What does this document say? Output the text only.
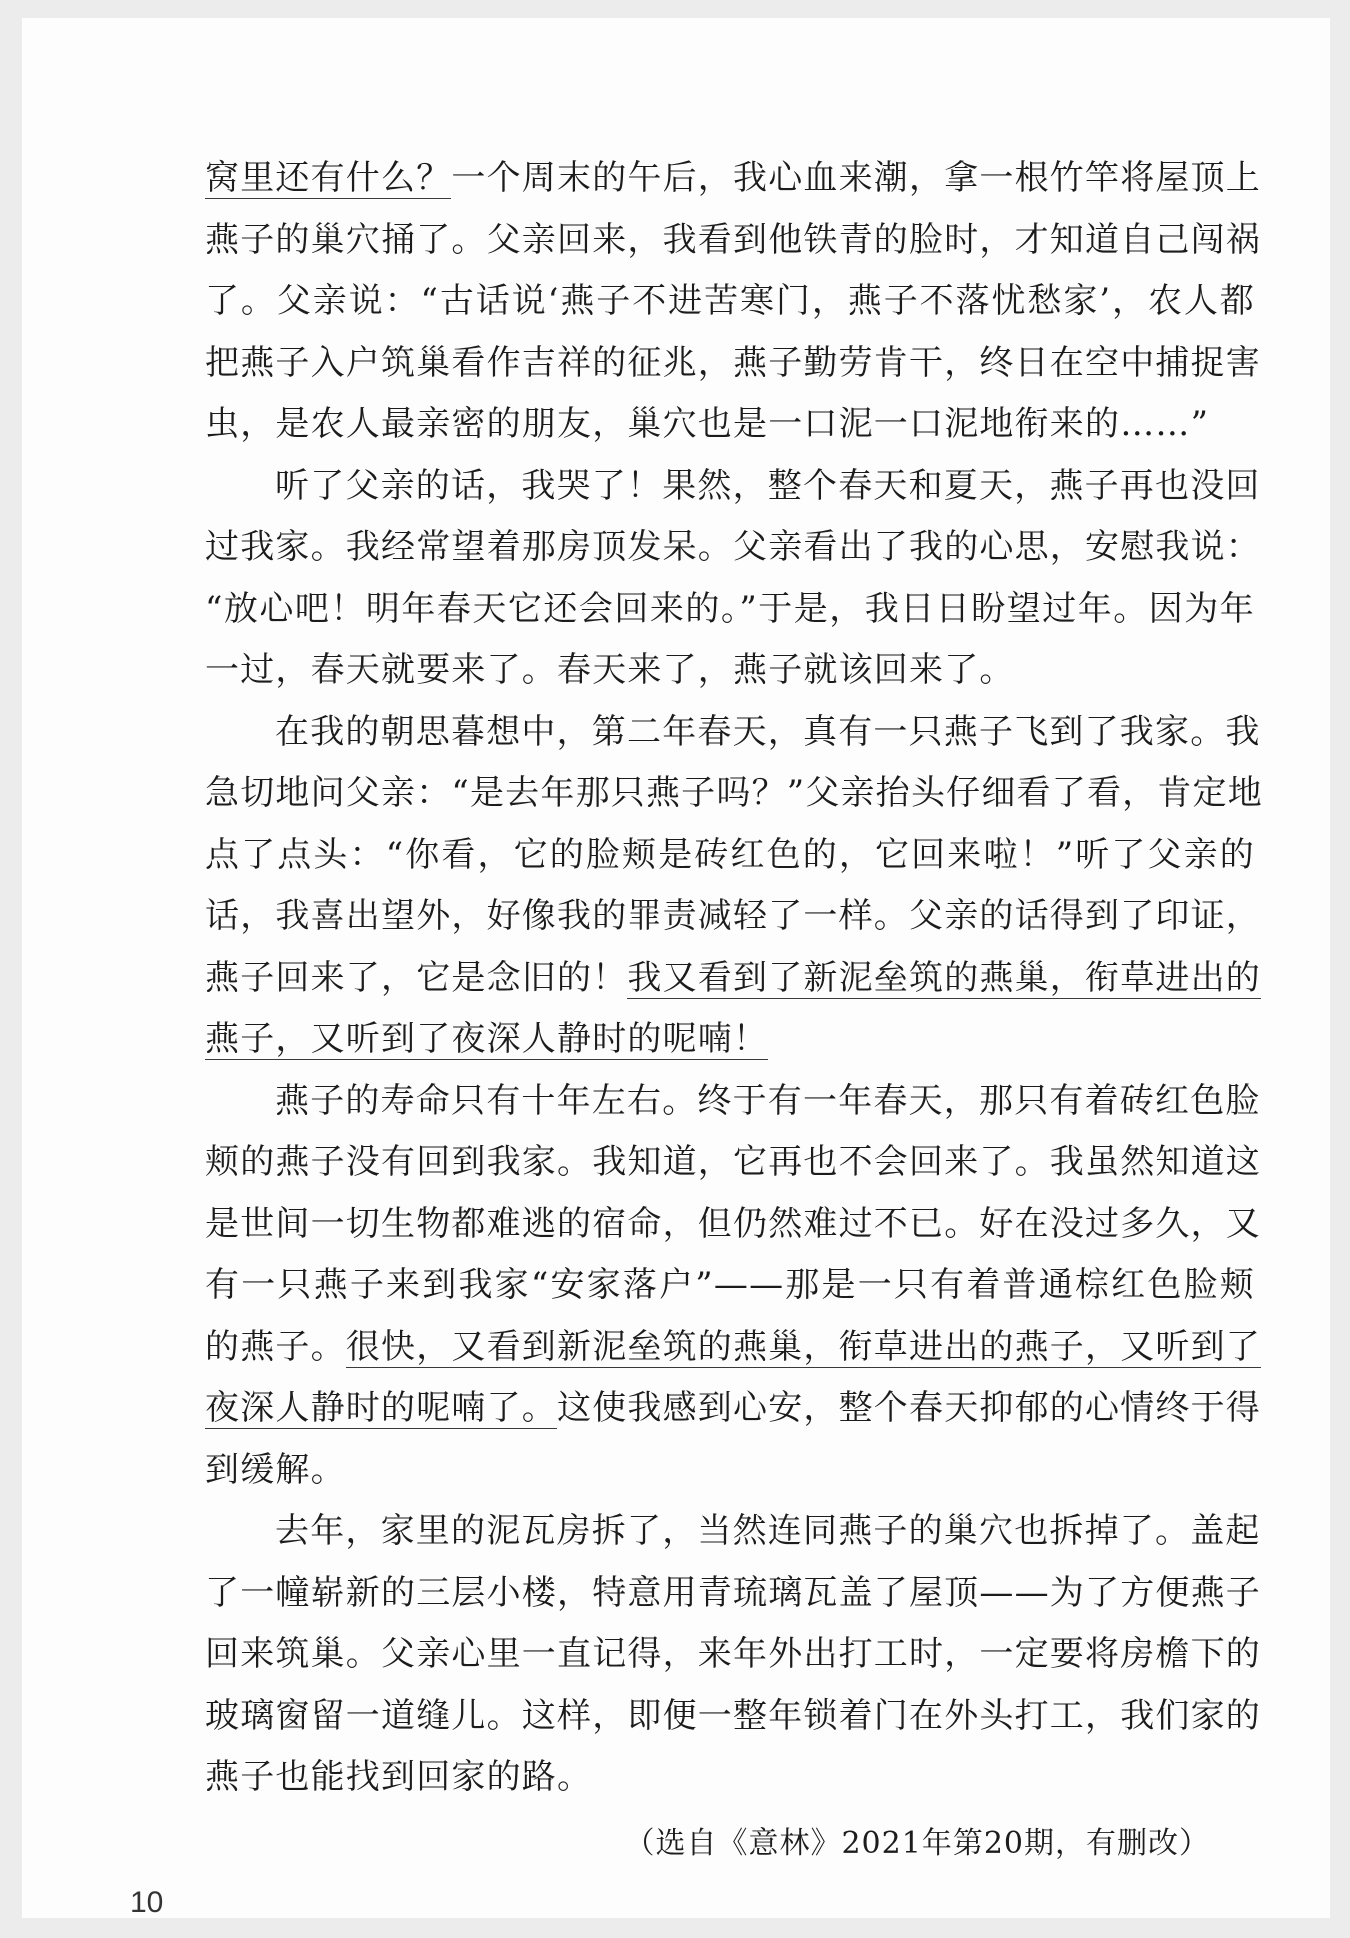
窝里还有什么？一个周末的午后，我心血来潮，拿一根竹竿将屋顶上
燕子的巢穴捅了。父亲回来，我看到他铁青的脸时，才知道自己闯祸
了。父亲说：“古话说‘燕子不进苦寒门，燕子不落忧愁家’，农人都
把燕子入户筑巢看作吉祥的征兆，燕子勤劳肯干，终日在空中捕捉害
虫，是农人最亲密的朋友，巢穴也是一口泥一口泥地衔来的……”
听了父亲的话，我哭了！果然，整个春天和夏天，燕子再也没回
过我家。我经常望着那房顶发呆。父亲看出了我的心思，安慰我说：
“放心吧！明年春天它还会回来的。”于是，我日日盼望过年。因为年
一过，春天就要来了。春天来了，燕子就该回来了。
在我的朝思暮想中，第二年春天，真有一只燕子飞到了我家。我
急切地问父亲：“是去年那只燕子吗？”父亲抬头仔细看了看，肯定地
点了点头：“你看，它的脸颊是砖红色的，它回来啦！”听了父亲的
话，我喜出望外，好像我的罪责减轻了一样。父亲的话得到了印证，
燕子回来了，它是念旧的！我又看到了新泥垒筑的燕巢，衔草进出的
燕子，又听到了夜深人静时的呢喃！
燕子的寿命只有十年左右。终于有一年春天，那只有着砖红色脸
颊的燕子没有回到我家。我知道，它再也不会回来了。我虽然知道这
是世间一切生物都难逃的宿命，但仍然难过不已。好在没过多久，又
有一只燕子来到我家“安家落户”——那是一只有着普通棕红色脸颊
的燕子。很快，又看到新泥垒筑的燕巢，衔草进出的燕子，又听到了
夜深人静时的呢喃了。这使我感到心安，整个春天抑郁的心情终于得
到缓解。
去年，家里的泥瓦房拆了，当然连同燕子的巢穴也拆掉了。盖起
了一幢崭新的三层小楼，特意用青琉璃瓦盖了屋顶——为了方便燕子
回来筑巢。父亲心里一直记得，来年外出打工时，一定要将房檐下的
玻璃窗留一道缝儿。这样，即便一整年锁着门在外头打工，我们家的
燕子也能找到回家的路。
（选自《意林》2021年第20期，有删改）
10
